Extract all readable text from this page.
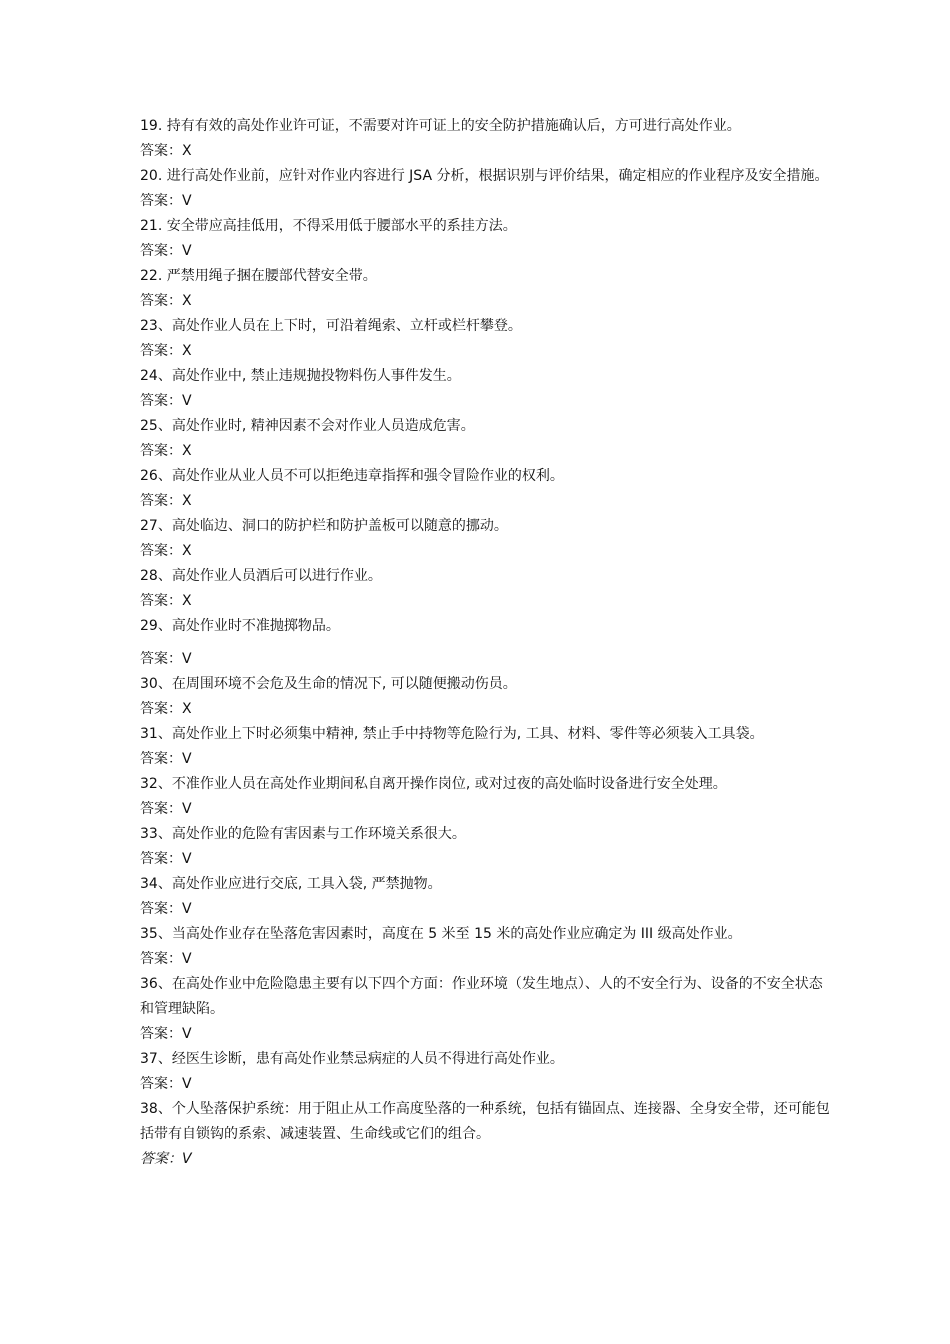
19. 持有有效的高处作业许可证，不需要对许可证上的安全防护措施确认后，方可进行高处作业。

答案：X

20. 进行高处作业前，应针对作业内容进行 JSA 分析，根据识别与评价结果，确定相应的作业程序及安全措施。

答案：V

21. 安全带应高挂低用，不得采用低于腰部水平的系挂方法。

答案：V

22. 严禁用绳子捆在腰部代替安全带。

答案：X

23、高处作业人员在上下时，可沿着绳索、立杆或栏杆攀登。

答案：X

24、高处作业中, 禁止违规抛投物料伤人事件发生。

答案：V

25、高处作业时, 精神因素不会对作业人员造成危害。

答案：X

26、高处作业从业人员不可以拒绝违章指挥和强令冒险作业的权利。

答案：X

27、高处临边、洞口的防护栏和防护盖板可以随意的挪动。

答案：X

28、高处作业人员酒后可以进行作业。

答案：X

29、高处作业时不准抛掷物品。

答案：V

30、在周围环境不会危及生命的情况下, 可以随便搬动伤员。

答案：X

31、高处作业上下时必须集中精神, 禁止手中持物等危险行为, 工具、材料、零件等必须装入工具袋。

答案：V

32、不准作业人员在高处作业期间私自离开操作岗位, 或对过夜的高处临时设备进行安全处理。

答案：V

33、高处作业的危险有害因素与工作环境关系很大。

答案：V

34、高处作业应进行交底, 工具入袋, 严禁抛物。

答案：V

35、当高处作业存在坠落危害因素时，高度在 5 米至 15 米的高处作业应确定为 III 级高处作业。

答案：V

36、在高处作业中危险隐患主要有以下四个方面：作业环境（发生地点）、人的不安全行为、设备的不安全状态和管理缺陷。

答案：V

37、经医生诊断，患有高处作业禁忌病症的人员不得进行高处作业。

答案：V

38、个人坠落保护系统：用于阻止从工作高度坠落的一种系统，包括有锚固点、连接器、全身安全带，还可能包括带有自锁钩的系索、减速装置、生命线或它们的组合。

答案：V
